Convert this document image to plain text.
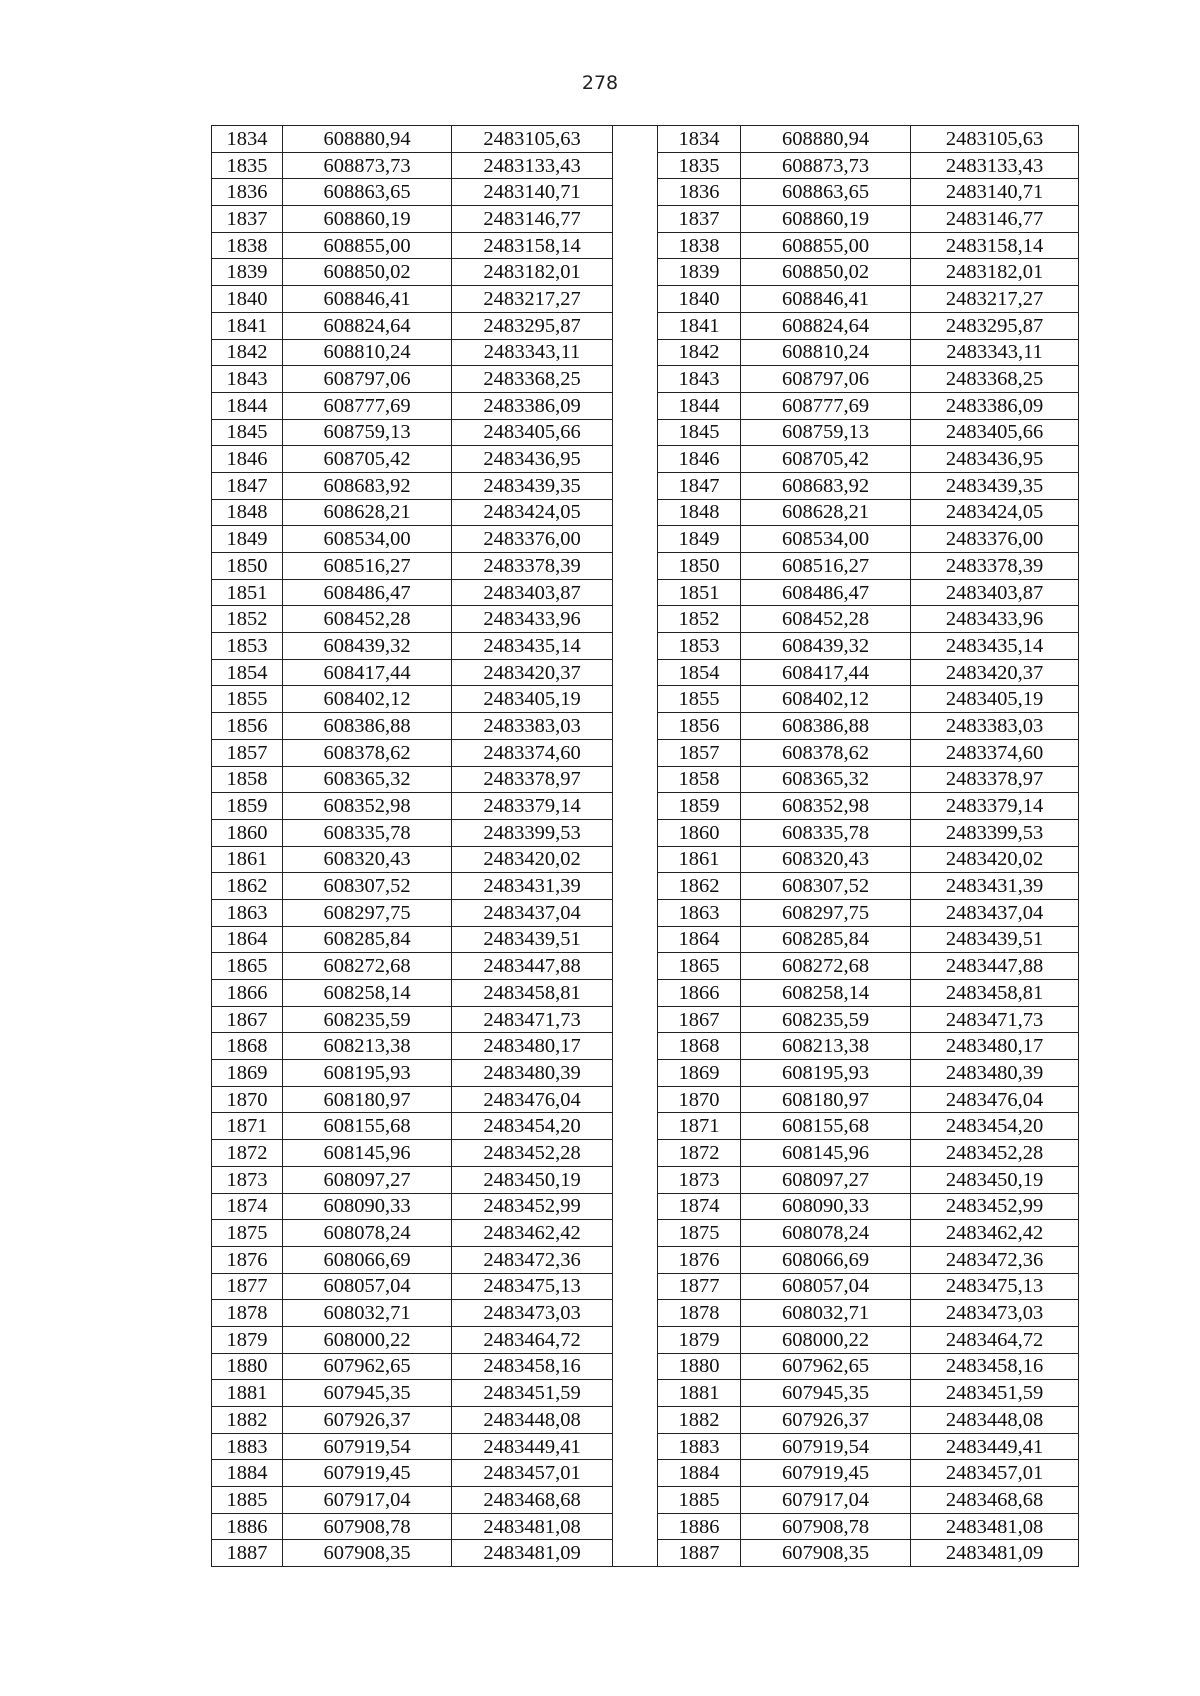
278
1834	608880,94	2483105,63		1834	608880,94	2483105,63
1835	608873,73	2483133,43		1835	608873,73	2483133,43
1836	608863,65	2483140,71		1836	608863,65	2483140,71
1837	608860,19	2483146,77		1837	608860,19	2483146,77
1838	608855,00	2483158,14		1838	608855,00	2483158,14
1839	608850,02	2483182,01		1839	608850,02	2483182,01
1840	608846,41	2483217,27		1840	608846,41	2483217,27
1841	608824,64	2483295,87		1841	608824,64	2483295,87
1842	608810,24	2483343,11		1842	608810,24	2483343,11
1843	608797,06	2483368,25		1843	608797,06	2483368,25
1844	608777,69	2483386,09		1844	608777,69	2483386,09
1845	608759,13	2483405,66		1845	608759,13	2483405,66
1846	608705,42	2483436,95		1846	608705,42	2483436,95
1847	608683,92	2483439,35		1847	608683,92	2483439,35
1848	608628,21	2483424,05		1848	608628,21	2483424,05
1849	608534,00	2483376,00		1849	608534,00	2483376,00
1850	608516,27	2483378,39		1850	608516,27	2483378,39
1851	608486,47	2483403,87		1851	608486,47	2483403,87
1852	608452,28	2483433,96		1852	608452,28	2483433,96
1853	608439,32	2483435,14		1853	608439,32	2483435,14
1854	608417,44	2483420,37		1854	608417,44	2483420,37
1855	608402,12	2483405,19		1855	608402,12	2483405,19
1856	608386,88	2483383,03		1856	608386,88	2483383,03
1857	608378,62	2483374,60		1857	608378,62	2483374,60
1858	608365,32	2483378,97		1858	608365,32	2483378,97
1859	608352,98	2483379,14		1859	608352,98	2483379,14
1860	608335,78	2483399,53		1860	608335,78	2483399,53
1861	608320,43	2483420,02		1861	608320,43	2483420,02
1862	608307,52	2483431,39		1862	608307,52	2483431,39
1863	608297,75	2483437,04		1863	608297,75	2483437,04
1864	608285,84	2483439,51		1864	608285,84	2483439,51
1865	608272,68	2483447,88		1865	608272,68	2483447,88
1866	608258,14	2483458,81		1866	608258,14	2483458,81
1867	608235,59	2483471,73		1867	608235,59	2483471,73
1868	608213,38	2483480,17		1868	608213,38	2483480,17
1869	608195,93	2483480,39		1869	608195,93	2483480,39
1870	608180,97	2483476,04		1870	608180,97	2483476,04
1871	608155,68	2483454,20		1871	608155,68	2483454,20
1872	608145,96	2483452,28		1872	608145,96	2483452,28
1873	608097,27	2483450,19		1873	608097,27	2483450,19
1874	608090,33	2483452,99		1874	608090,33	2483452,99
1875	608078,24	2483462,42		1875	608078,24	2483462,42
1876	608066,69	2483472,36		1876	608066,69	2483472,36
1877	608057,04	2483475,13		1877	608057,04	2483475,13
1878	608032,71	2483473,03		1878	608032,71	2483473,03
1879	608000,22	2483464,72		1879	608000,22	2483464,72
1880	607962,65	2483458,16		1880	607962,65	2483458,16
1881	607945,35	2483451,59		1881	607945,35	2483451,59
1882	607926,37	2483448,08		1882	607926,37	2483448,08
1883	607919,54	2483449,41		1883	607919,54	2483449,41
1884	607919,45	2483457,01		1884	607919,45	2483457,01
1885	607917,04	2483468,68		1885	607917,04	2483468,68
1886	607908,78	2483481,08		1886	607908,78	2483481,08
1887	607908,35	2483481,09		1887	607908,35	2483481,09
